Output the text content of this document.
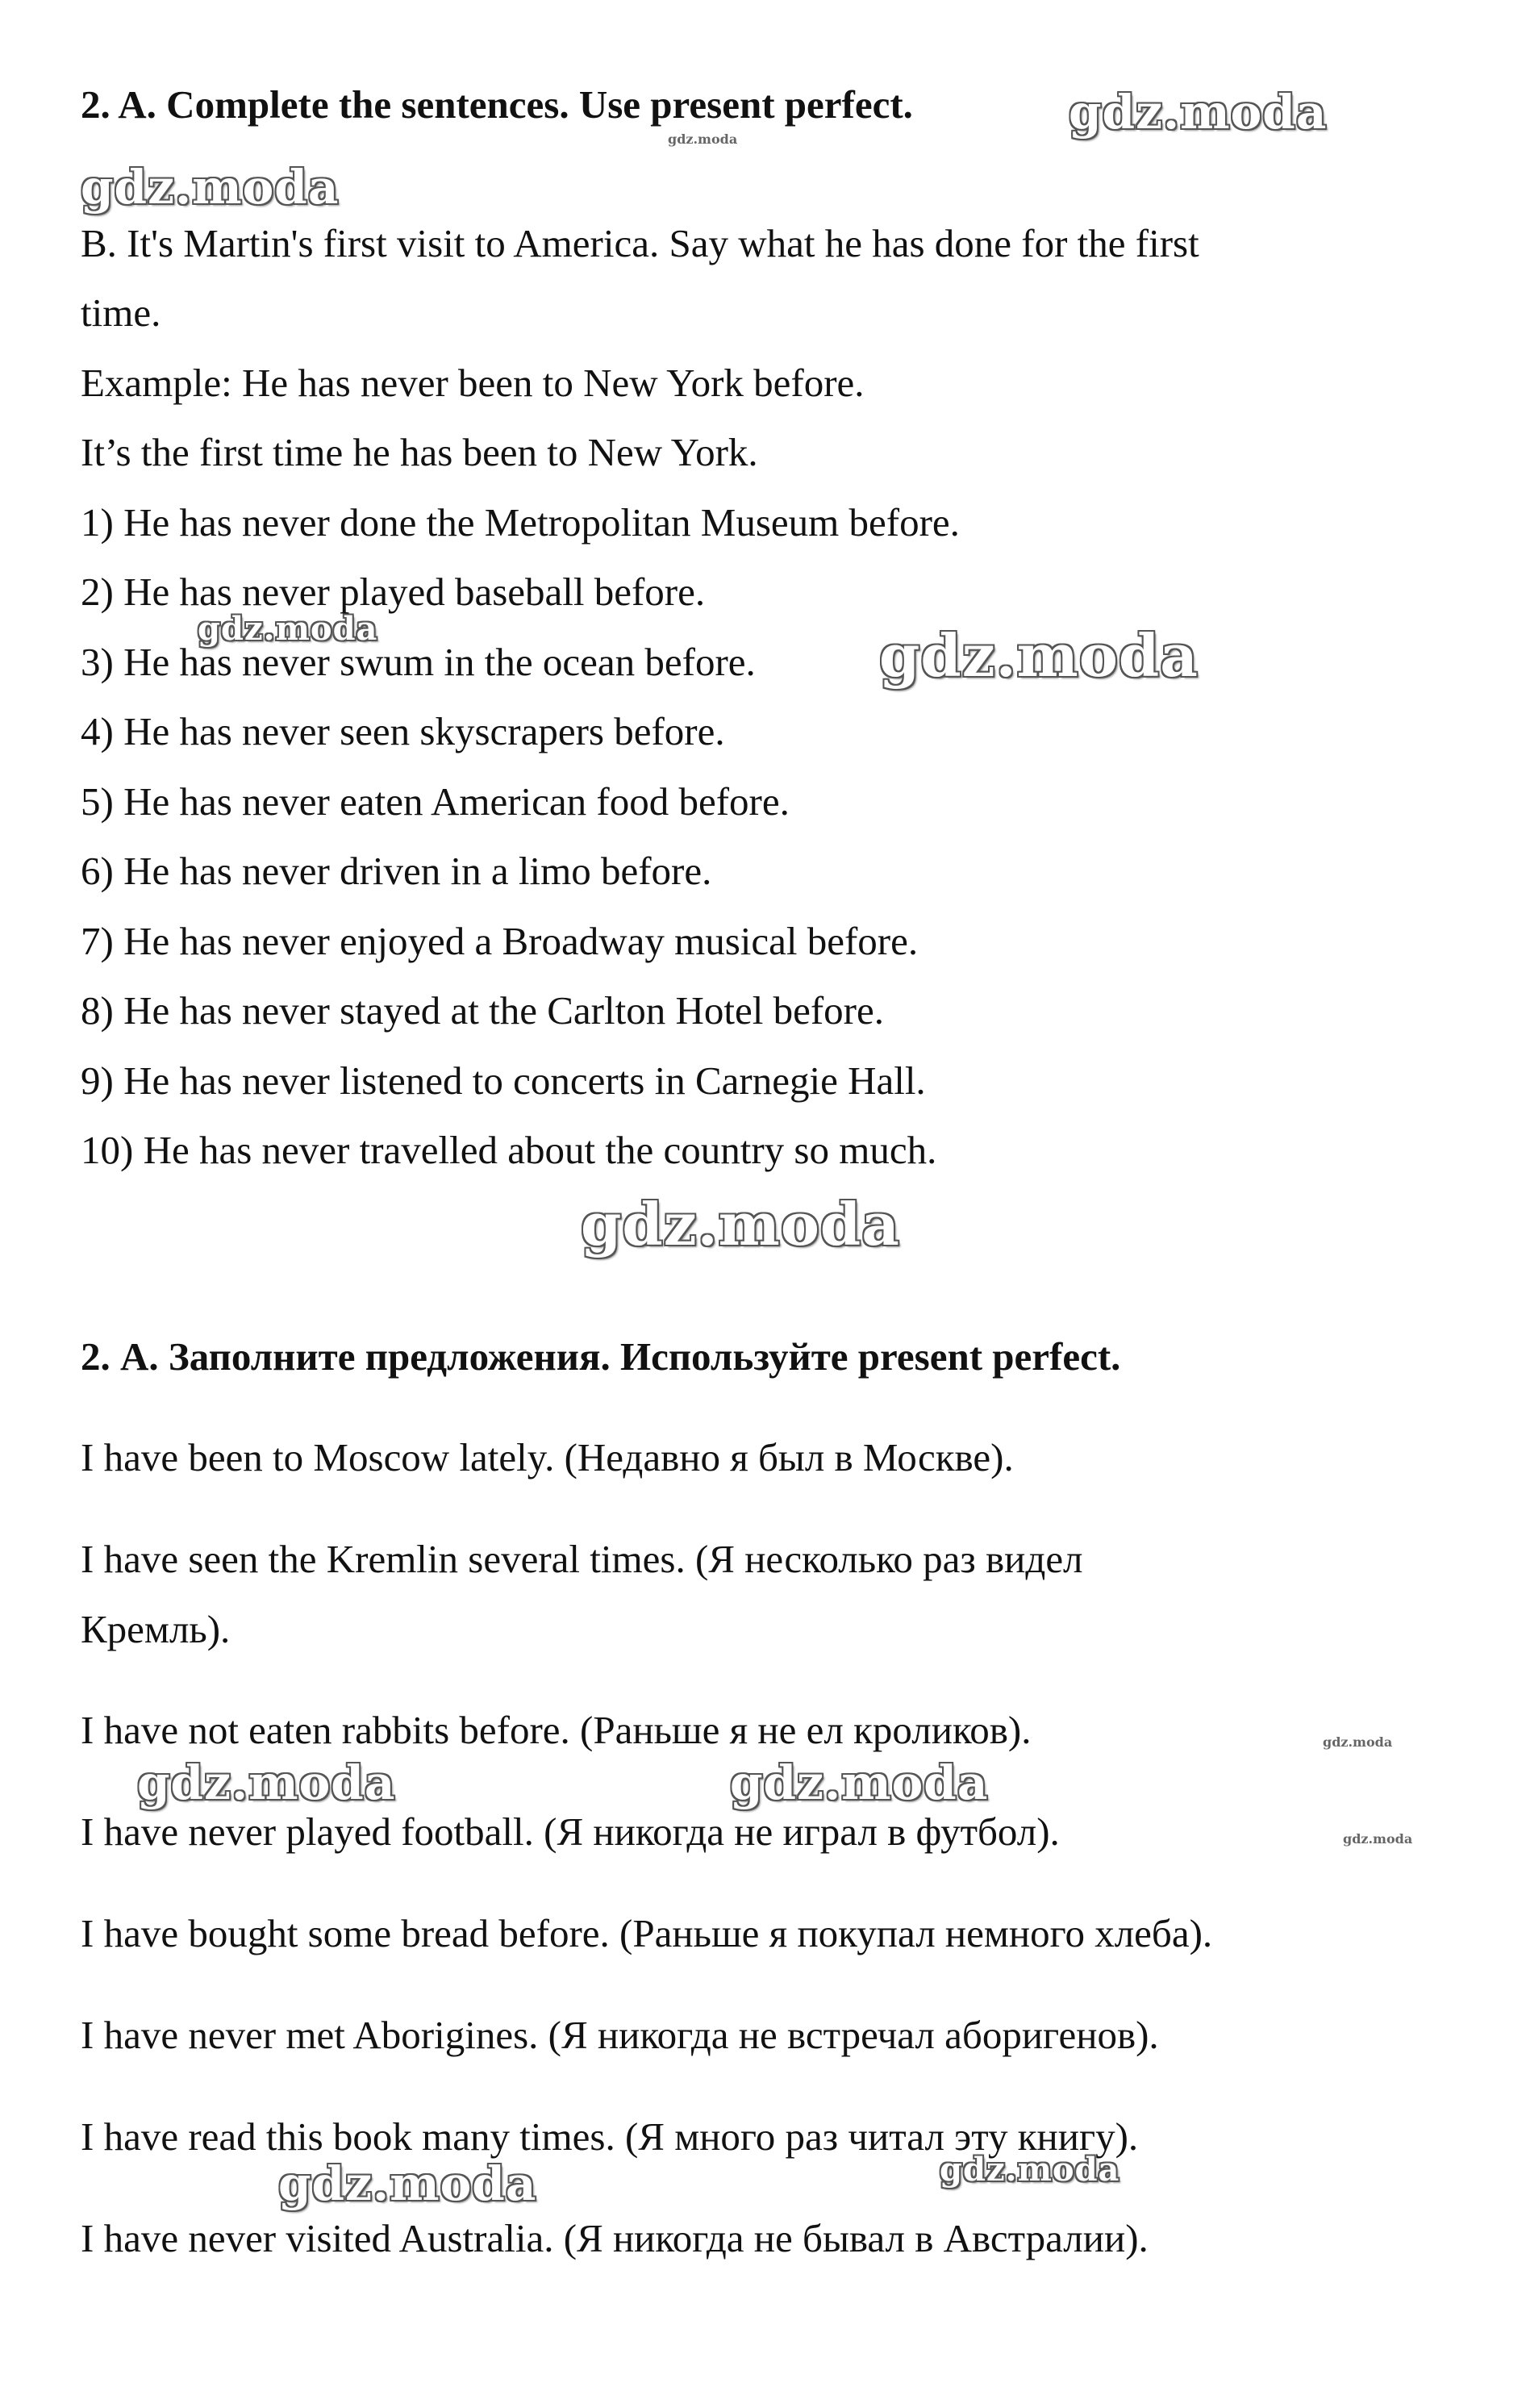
2. A. Complete the sentences. Use present perfect.
B. It's Martin's first visit to America. Say what he has done for the first
time.
Example: He has never been to New York before.
It’s the first time he has been to New York.
1) He has never done the Metropolitan Museum before.
2) He has never played baseball before.
3) He has never swum in the ocean before.
4) He has never seen skyscrapers before.
5) He has never eaten American food before.
6) He has never driven in a limo before.
7) He has never enjoyed a Broadway musical before.
8) He has never stayed at the Carlton Hotel before.
9) He has never listened to concerts in Carnegie Hall.
10) He has never travelled about the country so much.
2. А. Заполните предложения. Используйте present perfect.
I have been to Moscow lately. (Недавно я был в Москве).
I have seen the Kremlin several times. (Я несколько раз видел
Кремль).
I have not eaten rabbits before. (Раньше я не ел кроликов).
I have never played football. (Я никогда не играл в футбол).
I have bought some bread before. (Раньше я покупал немного хлеба).
I have never met Aborigines. (Я никогда не встречал аборигенов).
I have read this book many times. (Я много раз читал эту книгу).
I have never visited Australia. (Я никогда не бывал в Австралии).
gdz.moda
gdz.moda
gdz.moda
gdz.moda	gdz.moda
gdz.moda
gdz.moda
gdz.moda	gdz.moda
gdz.moda
gdz.moda	gdz.moda
